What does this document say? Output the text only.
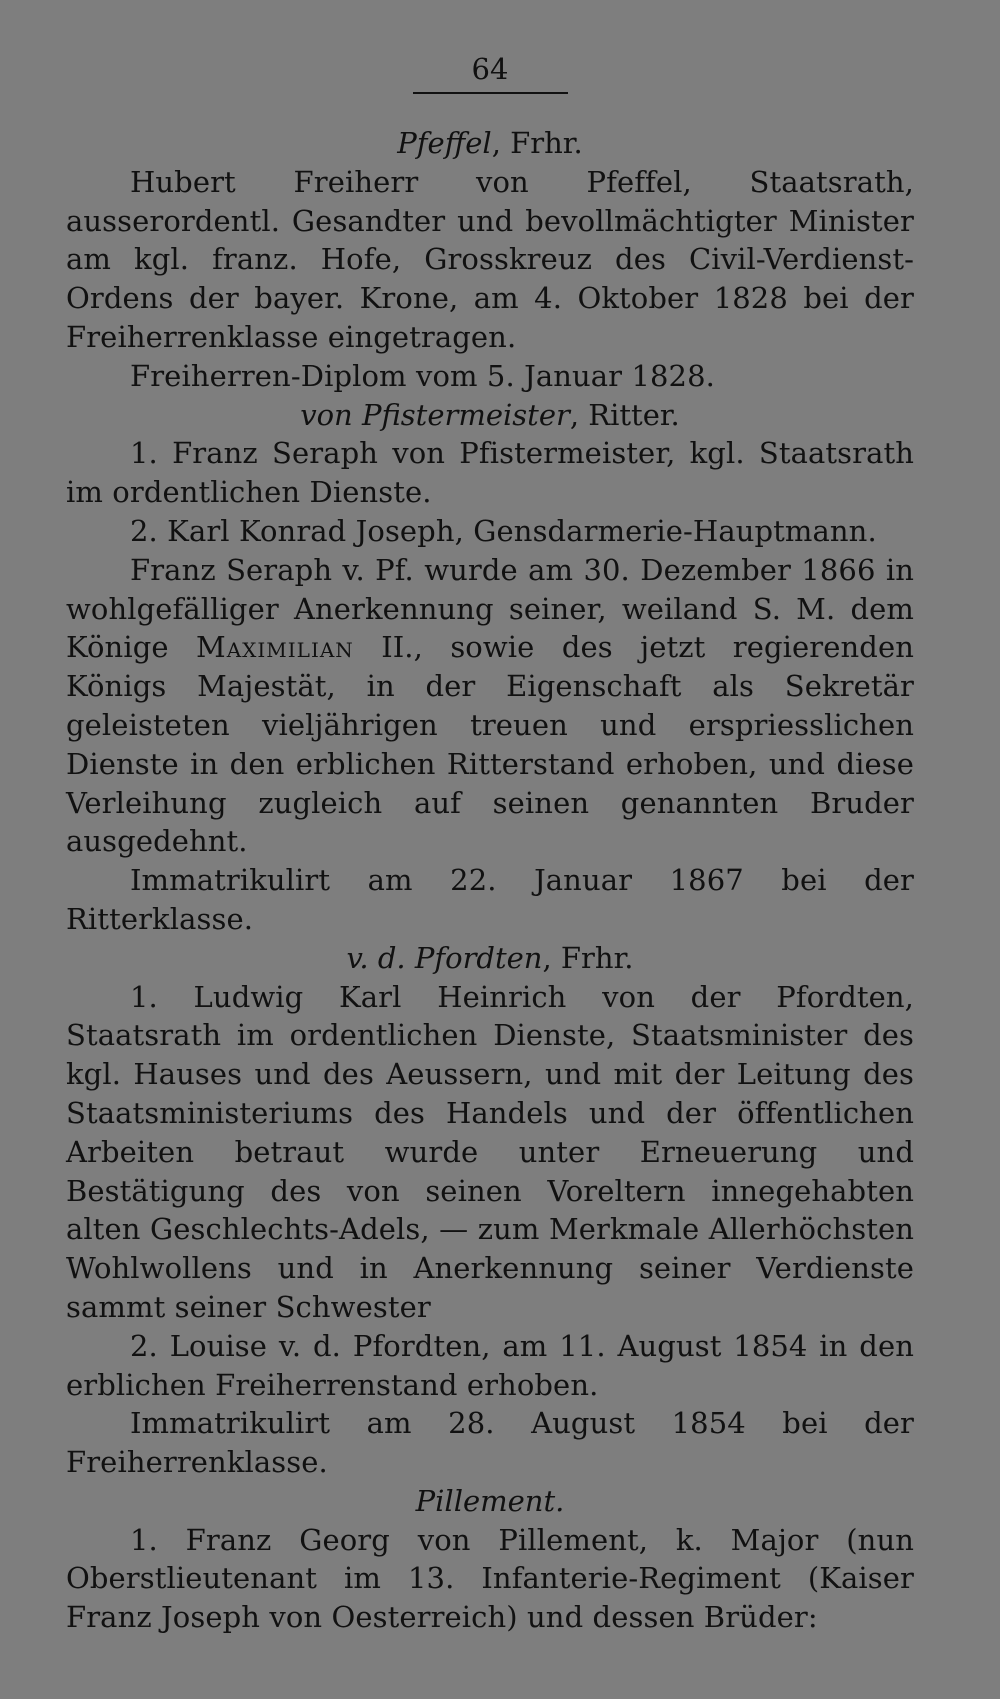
64
Pfeffel, Frhr.

Hubert Freiherr von Pfeffel, Staatsrath, ausserordentl. Gesandter und bevollmächtigter Minister am kgl. franz. Hofe, Grosskreuz des Civil-Verdienst-Ordens der bayer. Krone, am 4. Oktober 1828 bei der Freiherrenklasse eingetragen.

Freiherren-Diplom vom 5. Januar 1828.

von Pfistermeister, Ritter.

1. Franz Seraph von Pfistermeister, kgl. Staatsrath im ordentlichen Dienste.

2. Karl Konrad Joseph, Gensdarmerie-Hauptmann.

Franz Seraph v. Pf. wurde am 30. Dezember 1866 in wohlgefälliger Anerkennung seiner, weiland S. M. dem Könige Maximilian II., sowie des jetzt regierenden Königs Majestät, in der Eigenschaft als Sekretär geleisteten vieljährigen treuen und erspriesslichen Dienste in den erblichen Ritterstand erhoben, und diese Verleihung zugleich auf seinen genannten Bruder ausgedehnt.

Immatrikulirt am 22. Januar 1867 bei der Ritterklasse.

v. d. Pfordten, Frhr.

1. Ludwig Karl Heinrich von der Pfordten, Staatsrath im ordentlichen Dienste, Staatsminister des kgl. Hauses und des Aeussern, und mit der Leitung des Staatsministeriums des Handels und der öffentlichen Arbeiten betraut wurde unter Erneuerung und Bestätigung des von seinen Voreltern innegehabten alten Geschlechts-Adels, — zum Merkmale Allerhöchsten Wohlwollens und in Anerkennung seiner Verdienste sammt seiner Schwester

2. Louise v. d. Pfordten, am 11. August 1854 in den erblichen Freiherrenstand erhoben.

Immatrikulirt am 28. August 1854 bei der Freiherrenklasse.

Pillement.

1. Franz Georg von Pillement, k. Major (nun Oberstlieutenant im 13. Infanterie-Regiment (Kaiser Franz Joseph von Oesterreich) und dessen Brüder:
